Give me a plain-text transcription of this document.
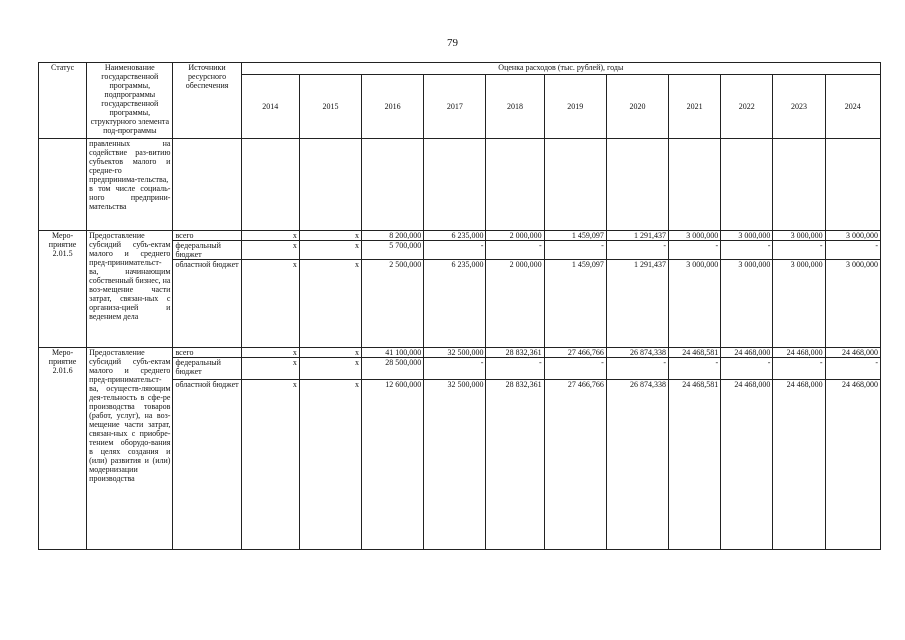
79
Статус	Наименование государственной программы, подпрограммы государственной программы, структурного элемента под-программы	Источники ресурсного обеспечения	Оценка расходов (тыс. рублей), годы										
			2014	2015	2016	2017	2018	2019	2020	2021	2022	2023	2024
	правленных на содействие раз-витию субъектов малого и средне-го предпринима-тельства, в том числе социаль-ного предприни-мательства												
Меро-приятие 2.01.5	Предоставление субсидий субъ-ектам малого и среднего пред-принимательст-ва, начинающим собственный бизнес, на воз-мещение части затрат, связан-ных с организа-цией и ведением дела	всего	х	х	8 200,000	6 235,000	2 000,000	1 459,097	1 291,437	3 000,000	3 000,000	3 000,000	3 000,000
		федеральный бюджет	х	х	5 700,000	-	-	-	-	-	-	-	-
		областной бюджет	х	х	2 500,000	6 235,000	2 000,000	1 459,097	1 291,437	3 000,000	3 000,000	3 000,000	3 000,000
Меро-приятие 2.01.6	Предоставление субсидий субъ-ектам малого и среднего пред-принимательст-ва, осуществ-ляющим дея-тельность в сфе-ре производства товаров (работ, услуг), на воз-мещение части затрат, связан-ных с приобре-тением оборудо-вания в целях создания и (или) развития и (или) модернизации производства	всего	х	х	41 100,000	32 500,000	28 832,361	27 466,766	26 874,338	24 468,581	24 468,000	24 468,000	24 468,000
		федеральный бюджет	х	х	28 500,000	-	-	-	-	-	-	-	-
		областной бюджет	х	х	12 600,000	32 500,000	28 832,361	27 466,766	26 874,338	24 468,581	24 468,000	24 468,000	24 468,000
